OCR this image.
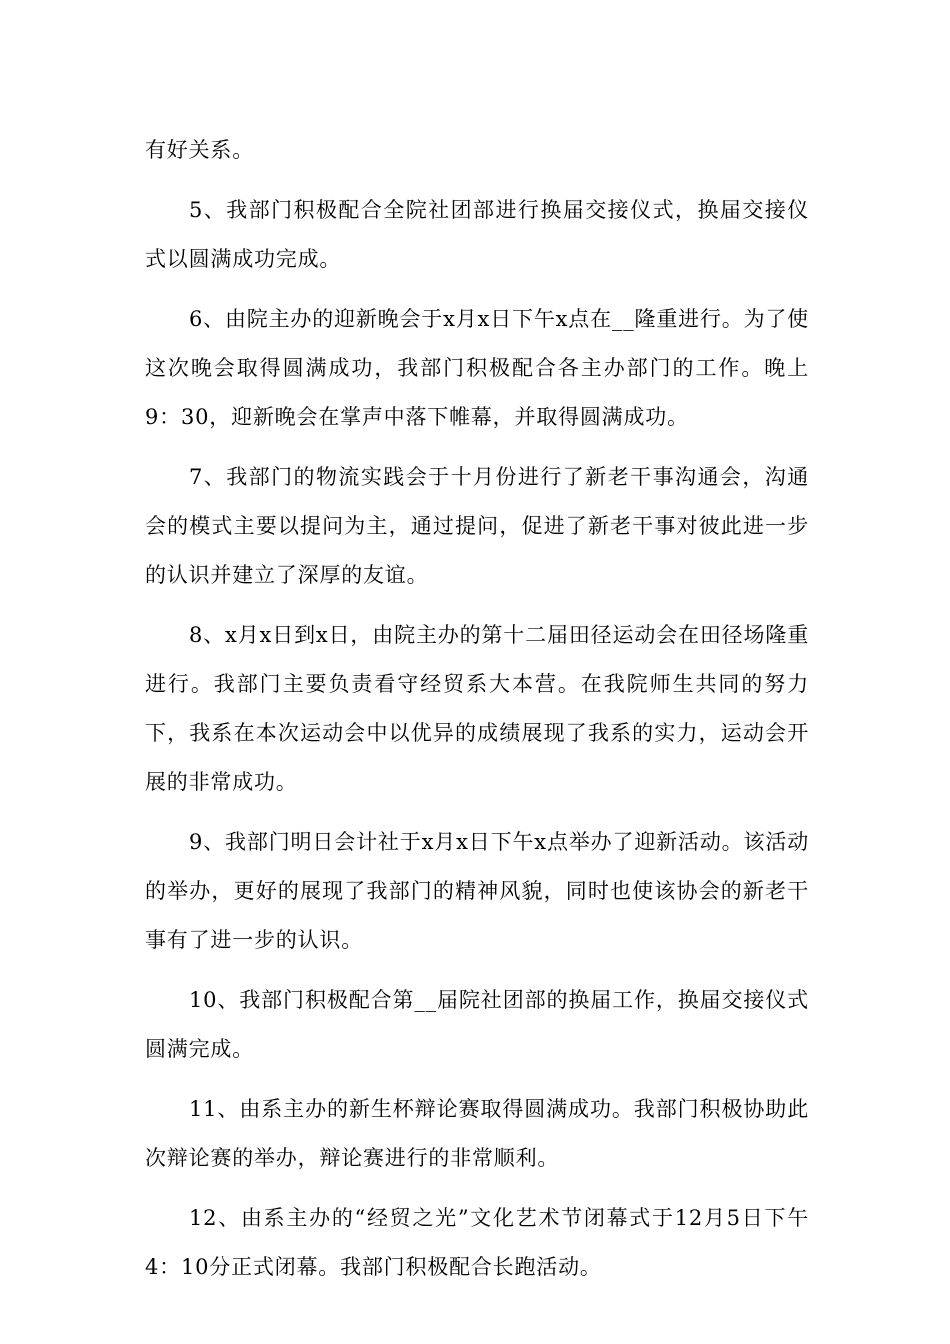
有好关系。

5、我部门积极配合全院社团部进行换届交接仪式，换届交接仪式以圆满成功完成。

6、由院主办的迎新晚会于x月x日下午x点在__隆重进行。为了使这次晚会取得圆满成功，我部门积极配合各主办部门的工作。晚上9：30，迎新晚会在掌声中落下帷幕，并取得圆满成功。

7、我部门的物流实践会于十月份进行了新老干事沟通会，沟通会的模式主要以提问为主，通过提问，促进了新老干事对彼此进一步的认识并建立了深厚的友谊。

8、x月x日到x日，由院主办的第十二届田径运动会在田径场隆重进行。我部门主要负责看守经贸系大本营。在我院师生共同的努力下，我系在本次运动会中以优异的成绩展现了我系的实力，运动会开展的非常成功。

9、我部门明日会计社于x月x日下午x点举办了迎新活动。该活动的举办，更好的展现了我部门的精神风貌，同时也使该协会的新老干事有了进一步的认识。

10、我部门积极配合第__届院社团部的换届工作，换届交接仪式圆满完成。

11、由系主办的新生杯辩论赛取得圆满成功。我部门积极协助此次辩论赛的举办，辩论赛进行的非常顺利。

12、由系主办的“经贸之光”文化艺术节闭幕式于12月5日下午4：10分正式闭幕。我部门积极配合长跑活动。
